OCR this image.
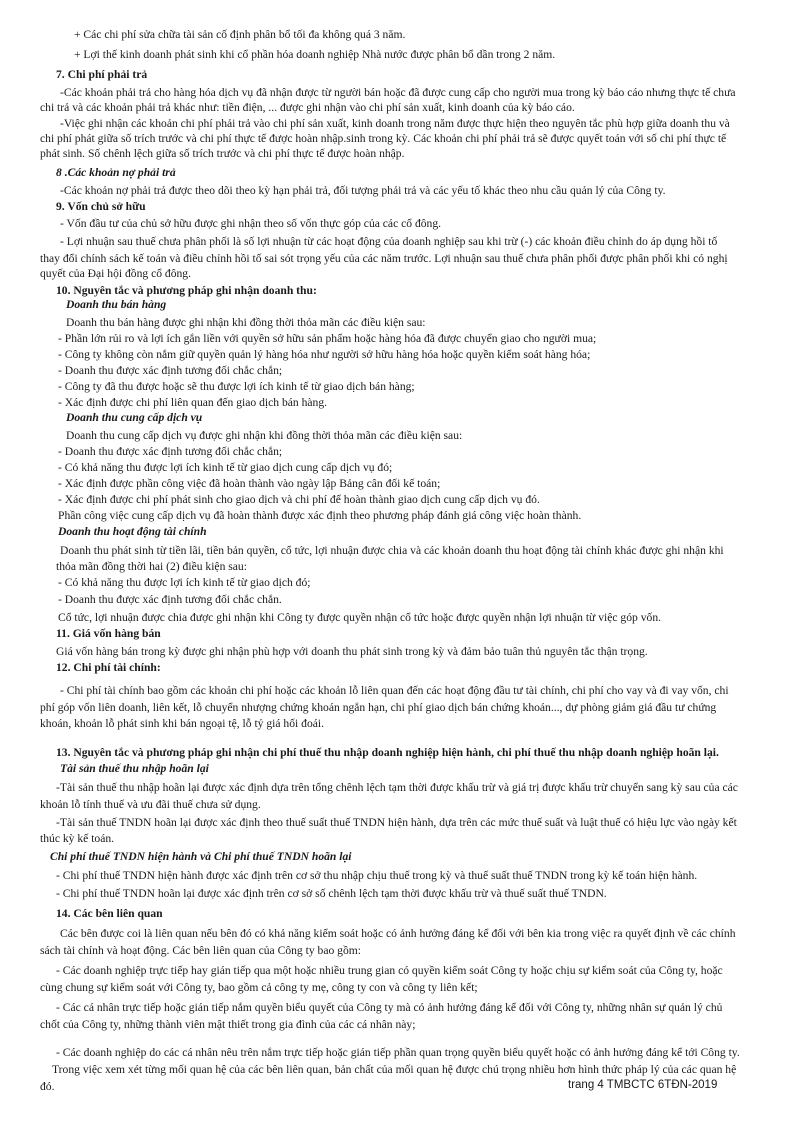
+ Các chi phí sửa chữa tài sản cố định phân bổ tối đa không quá 3 năm.
+ Lợi thế kinh doanh phát sinh khi cổ phần hóa doanh nghiệp Nhà nước được phân bổ dần trong 2 năm.
7. Chi phí phải trả
-Các khoản phải trả cho hàng hóa dịch vụ đã nhận được từ người bán hoặc đã được cung cấp cho người mua trong kỳ báo cáo nhưng thực tế chưa
chi trả và các khoản phải trả khác như: tiền điện, ... được ghi nhận vào chi phí sản xuất, kinh doanh của kỳ báo cáo.
-Việc ghi nhận các khoản chi phí phải trả vào chi phí sản xuất, kinh doanh trong năm được thực hiện theo nguyên tắc phù hợp giữa doanh thu và
chi phí phát giữa số trích trước và chi phí thực tế được hoàn nhập.sinh trong kỳ. Các khoản chi phí phải trả sẽ được quyết toán với số chi phí thực tế
phát sinh. Số chênh lệch giữa số trích trước và chi phí thực tế được hoàn nhập.
8 .Các khoản nợ phải trả
-Các khoản nợ phải trả được theo dõi theo kỳ hạn phải trả, đối tượng phải trả và các yếu tố khác theo nhu cầu quản lý của Công ty.
9. Vốn chủ sở hữu
- Vốn đầu tư của chủ sở hữu được ghi nhận theo số vốn thực góp của các cổ đông.
- Lợi nhuận sau thuế chưa phân phối là số lợi nhuận từ các hoạt động của doanh nghiệp sau khi trừ (-) các khoản điều chỉnh do áp dụng hồi tố
thay đổi chính sách kế toán và điều chỉnh hồi tố sai sót trọng yếu của các năm trước. Lợi nhuận sau thuế chưa phân phối được phân phối khi có nghị
quyết của Đại hội đồng cổ đông.
10. Nguyên tắc và phương pháp ghi nhận doanh thu:
Doanh thu bán hàng
Doanh thu bán hàng được ghi nhận khi đồng thời thỏa mãn các điều kiện sau:
- Phần lớn rủi ro và lợi ích gắn liền với quyền sở hữu sản phẩm hoặc hàng hóa đã được chuyển giao cho người mua;
- Công ty không còn nắm giữ quyền quản lý hàng hóa như người sở hữu hàng hóa hoặc quyền kiểm soát hàng hóa;
- Doanh thu được xác định tương đối chắc chắn;
- Công ty đã thu được hoặc sẽ thu được lợi ích kinh tế từ giao dịch bán hàng;
- Xác định được chi phí liên quan đến giao dịch bán hàng.
Doanh thu cung cấp dịch vụ
Doanh thu cung cấp dịch vụ được ghi nhận khi đồng thời thỏa mãn các điều kiện sau:
- Doanh thu được xác định tương đối chắc chắn;
- Có khả năng thu được lợi ích kinh tế từ giao dịch cung cấp dịch vụ đó;
- Xác định được phần công việc đã hoàn thành vào ngày lập Bảng cân đối kế toán;
- Xác định được chi phí phát sinh cho giao dịch và chi phí để hoàn thành giao dịch cung cấp dịch vụ đó.
Phần công việc cung cấp dịch vụ đã hoàn thành được xác định theo phương pháp đánh giá công việc hoàn thành.
Doanh thu hoạt động tài chính
Doanh thu phát sinh từ tiền lãi, tiền bản quyền, cổ tức, lợi nhuận được chia và các khoản doanh thu hoạt động tài chính khác được ghi nhận khi
thỏa mãn đồng thời hai (2) điều kiện sau:
- Có khả năng thu được lợi ích kinh tế từ giao dịch đó;
- Doanh thu được xác định tương đối chắc chắn.
Cổ tức, lợi nhuận được chia được ghi nhận khi Công ty được quyền nhận cổ tức hoặc được quyền nhận lợi nhuận từ việc góp vốn.
11. Giá vốn hàng bán
Giá vốn hàng bán trong kỳ được ghi nhận phù hợp với doanh thu phát sinh trong kỳ và đảm bảo tuân thủ nguyên tắc thận trọng.
12. Chi phí tài chính:
- Chi phí tài chính bao gồm các khoản chi phí hoặc các khoản lỗ liên quan đến các hoạt động đầu tư tài chính, chi phí cho vay và đi vay vốn, chi
phí góp vốn liên doanh, liên kết, lỗ chuyển nhượng chứng khoán ngắn hạn, chi phí giao dịch bán chứng khoán..., dự phòng giảm giá đầu tư chứng
khoán, khoản lỗ phát sinh khi bán ngoại tệ, lỗ tỷ giá hối đoái.
13. Nguyên tắc và phương pháp ghi nhận chi phí thuế thu nhập doanh nghiệp hiện hành, chi phí thuế thu nhập doanh nghiệp hoãn lại.
Tài sản thuế thu nhập hoãn lại
-Tài sản thuế thu nhập hoãn lại được xác định dựa trên tổng chênh lệch tạm thời được khấu trừ và giá trị được khấu trừ chuyển sang kỳ sau của các
khoản lỗ tính thuế và ưu đãi thuế chưa sử dụng.
-Tài sản thuế TNDN hoãn lại được xác định theo thuế suất thuế TNDN hiện hành, dựa trên các mức thuế suất và luật thuế có hiệu lực vào ngày kết
thúc kỳ kế toán.
Chi phí thuế TNDN hiện hành và Chi phí thuế TNDN hoãn lại
- Chi phí thuế TNDN hiện hành được xác định trên cơ sở thu nhập chịu thuế trong kỳ và thuế suất thuế TNDN trong kỳ kế toán hiện hành.
- Chi phí thuế TNDN hoãn lại được xác định trên cơ sở số chênh lệch tạm thời được khấu trừ và thuế suất thuế TNDN.
14. Các bên liên quan
Các bên được coi là liên quan nếu bên đó có khả năng kiểm soát hoặc có ảnh hưởng đáng kể đối với bên kia trong việc ra quyết định về các chính
sách tài chính và hoạt động. Các bên liên quan của Công ty bao gồm:
- Các doanh nghiệp trực tiếp hay gián tiếp qua một hoặc nhiều trung gian có quyền kiểm soát Công ty hoặc chịu sự kiểm soát của Công ty, hoặc
cùng chung sự kiểm soát với Công ty, bao gồm cả công ty mẹ, công ty con và công ty liên kết;
- Các cá nhân trực tiếp hoặc gián tiếp nắm quyền biểu quyết của Công ty mà có ảnh hưởng đáng kể đối với Công ty, những nhân sự quản lý chủ
chốt của Công ty, những thành viên mật thiết trong gia đình của các cá nhân này;
- Các doanh nghiệp do các cá nhân nêu trên nắm trực tiếp hoặc gián tiếp phần quan trọng quyền biểu quyết hoặc có ảnh hưởng đáng kể tới Công ty.
Trong việc xem xét từng mối quan hệ của các bên liên quan, bản chất của mối quan hệ được chú trọng nhiều hơn hình thức pháp lý của các quan hệ
đó.	trang 4 TMBCTC 6TĐN-2019
